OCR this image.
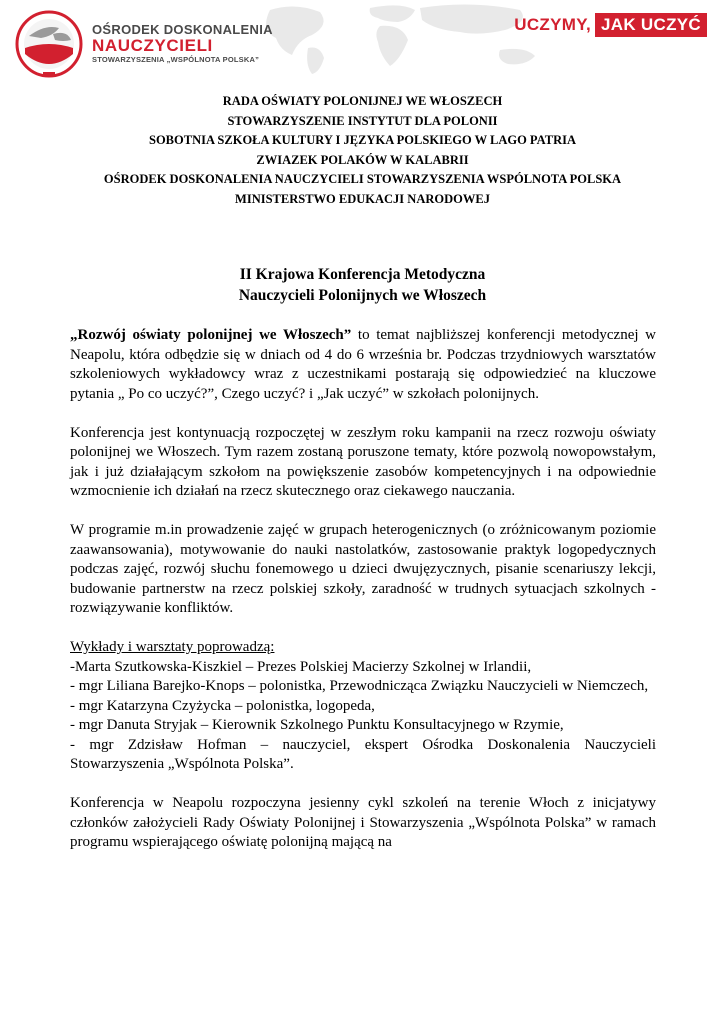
OŚRODEK DOSKONALENIA
NAUCZYCIELI
STOWARZYSZENIA „WSPÓLNOTA POLSKA”
UCZYMY, JAK UCZYĆ
RADA OŚWIATY POLONIJNEJ WE WŁOSZECH
STOWARZYSZENIE INSTYTUT DLA POLONII
SOBOTNIA SZKOŁA KULTURY I JĘZYKA POLSKIEGO W LAGO PATRIA
ZWIAZEK POLAKÓW W KALABRII
OŚRODEK DOSKONALENIA NAUCZYCIELI STOWARZYSZENIA WSPÓLNOTA POLSKA
MINISTERSTWO EDUKACJI NARODOWEJ
II Krajowa Konferencja Metodyczna
Nauczycieli Polonijnych we Włoszech

„Rozwój oświaty polonijnej we Włoszech” to temat najbliższej konferencji metodycznej w Neapolu, która odbędzie się w dniach od 4 do 6 września br. Podczas trzydniowych warsztatów szkoleniowych wykładowcy wraz z uczestnikami postarają się odpowiedzieć na kluczowe pytania „ Po co uczyć?”, Czego uczyć? i „Jak uczyć” w szkołach polonijnych.

Konferencja jest kontynuacją rozpoczętej w zeszłym roku kampanii na rzecz rozwoju oświaty polonijnej we Włoszech. Tym razem zostaną poruszone tematy, które pozwolą nowopowstałym, jak i już działającym szkołom na powiększenie zasobów kompetencyjnych i na odpowiednie wzmocnienie ich działań na rzecz skutecznego oraz ciekawego nauczania.

W programie m.in prowadzenie zajęć w grupach heterogenicznych (o zróżnicowanym poziomie zaawansowania), motywowanie do nauki nastolatków, zastosowanie praktyk logopedycznych podczas zajęć, rozwój słuchu fonemowego u dzieci dwujęzycznych, pisanie scenariuszy lekcji, budowanie partnerstw na rzecz polskiej szkoły, zaradność w trudnych sytuacjach szkolnych - rozwiązywanie konfliktów.

Wykłady i warsztaty poprowadzą:
-Marta Szutkowska-Kiszkiel – Prezes Polskiej Macierzy Szkolnej w Irlandii,
- mgr Liliana Barejko-Knops – polonistka, Przewodnicząca Związku Nauczycieli w Niemczech,
- mgr Katarzyna Czyżycka – polonistka, logopeda,
- mgr Danuta Stryjak – Kierownik Szkolnego Punktu Konsultacyjnego w Rzymie,
- mgr Zdzisław Hofman – nauczyciel, ekspert Ośrodka Doskonalenia Nauczycieli Stowarzyszenia „Wspólnota Polska”.

Konferencja w Neapolu rozpoczyna jesienny cykl szkoleń na terenie Włoch z inicjatywy członków założycieli Rady Oświaty Polonijnej i Stowarzyszenia „Wspólnota Polska” w ramach programu wspierającego oświatę polonijną mającą na
